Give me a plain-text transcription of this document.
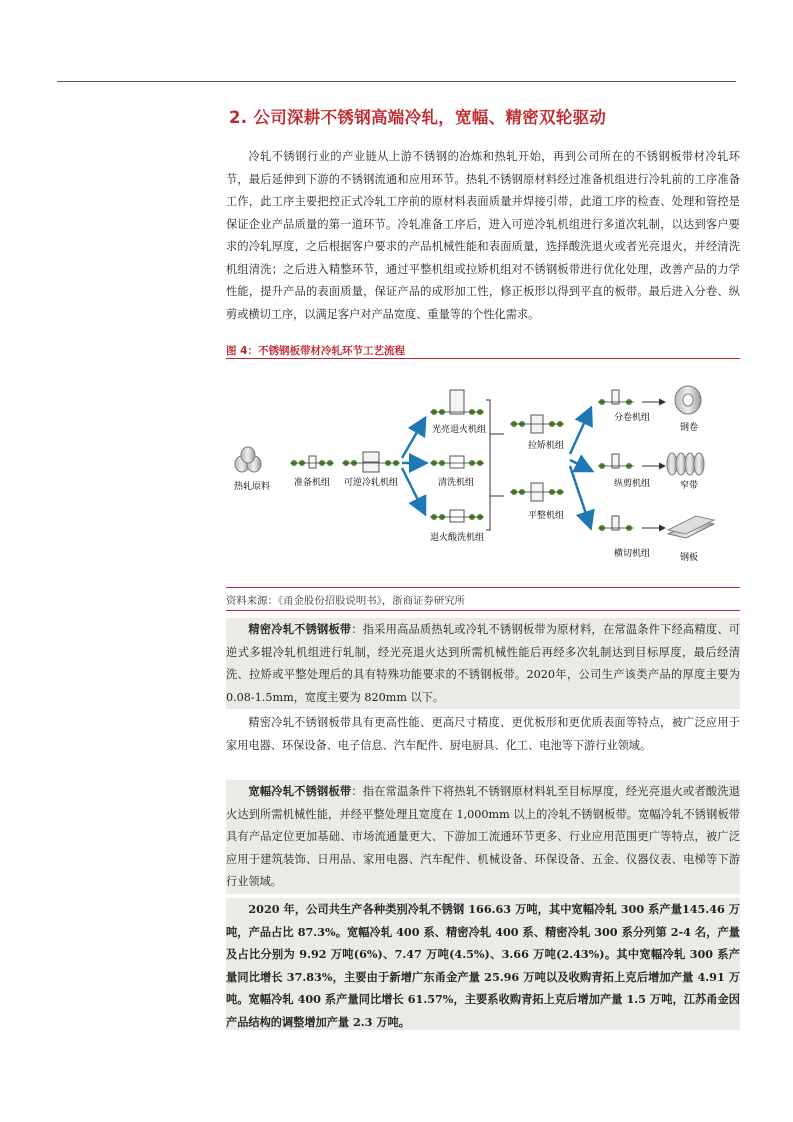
2. 公司深耕不锈钢高端冷轧，宽幅、精密双轮驱动

冷轧不锈钢行业的产业链从上游不锈钢的冶炼和热轧开始，再到公司所在的不锈钢板带材冷轧环节，最后延伸到下游的不锈钢流通和应用环节。热轧不锈钢原材料经过准备机组进行冷轧前的工序准备工作，此工序主要把控正式冷轧工序前的原材料表面质量并焊接引带，此道工序的检查、处理和管控是保证企业产品质量的第一道环节。冷轧准备工序后，进入可逆冷轧机组进行多道次轧制，以达到客户要求的冷轧厚度，之后根据客户要求的产品机械性能和表面质量，选择酸洗退火或者光亮退火，并经清洗机组清洗；之后进入精整环节，通过平整机组或拉矫机组对不锈钢板带进行优化处理，改善产品的力学性能，提升产品的表面质量，保证产品的成形加工性，修正板形以得到平直的板带。最后进入分卷、纵剪或横切工序，以满足客户对产品宽度、重量等的个性化需求。

图 4：不锈钢板带材冷轧环节工艺流程
热轧原料	准备机组 可逆冷轧机组
光亮退火机组
清洗机组
退火酸洗机组
拉矫机组
平整机组
分卷机组
纵剪机组
横切机组
钢卷
窄带
钢板
资料来源：《甬金股份招股说明书》，浙商证券研究所

精密冷轧不锈钢板带：指采用高品质热轧或冷轧不锈钢板带为原材料，在常温条件下经高精度、可逆式多辊冷轧机组进行轧制，经光亮退火达到所需机械性能后再经多次轧制达到目标厚度，最后经清洗、拉矫或平整处理后的具有特殊功能要求的不锈钢板带。2020年，公司生产该类产品的厚度主要为 0.08-1.5mm，宽度主要为 820mm 以下。

精密冷轧不锈钢板带具有更高性能、更高尺寸精度、更优板形和更优质表面等特点，被广泛应用于家用电器、环保设备、电子信息、汽车配件、厨电厨具、化工、电池等下游行业领域。

宽幅冷轧不锈钢板带：指在常温条件下将热轧不锈钢原材料轧至目标厚度，经光亮退火或者酸洗退火达到所需机械性能，并经平整处理且宽度在 1,000mm 以上的冷轧不锈钢板带。宽幅冷轧不锈钢板带具有产品定位更加基础、市场流通量更大、下游加工流通环节更多、行业应用范围更广等特点，被广泛应用于建筑装饰、日用品、家用电器、汽车配件、机械设备、环保设备、五金、仪器仪表、电梯等下游行业领域。

2020 年，公司共生产各种类别冷轧不锈钢 166.63 万吨，其中宽幅冷轧 300 系产量145.46 万吨，产品占比 87.3%。宽幅冷轧 400 系、精密冷轧 400 系、精密冷轧 300 系分列第 2-4 名，产量及占比分别为 9.92 万吨(6%)、7.47 万吨(4.5%)、3.66 万吨(2.43%)。其中宽幅冷轧 300 系产量同比增长 37.83%，主要由于新增广东甬金产量 25.96 万吨以及收购青拓上克后增加产量 4.91 万吨。宽幅冷轧 400 系产量同比增长 61.57%，主要系收购青拓上克后增加产量 1.5 万吨，江苏甬金因产品结构的调整增加产量 2.3 万吨。
